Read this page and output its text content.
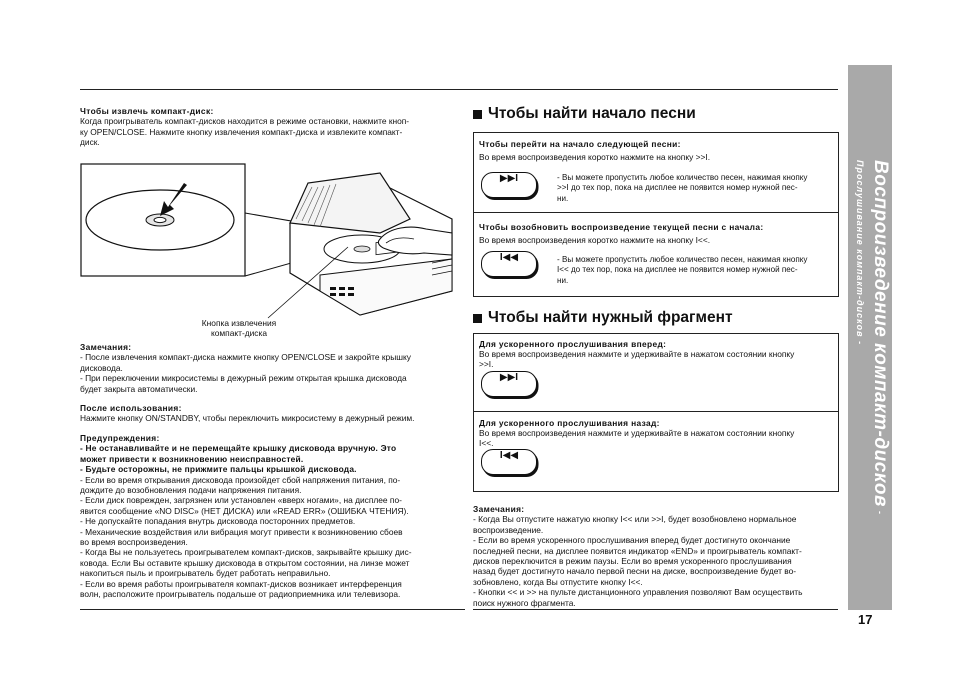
Чтобы извлечь компакт-диск:
Когда проигрыватель компакт-дисков находится в режиме остановки, нажмите кноп-
ку OPEN/CLOSE. Нажмите кнопку извлечения компакт-диска и извлеките компакт-
диск.
Кнопка извлечения
компакт-диска
Замечания:
- После извлечения компакт-диска нажмите кнопку OPEN/CLOSE и закройте крышку
дисковода.
- При переключении микросистемы в дежурный режим открытая крышка дисковода
будет закрыта автоматически.
После использования:
Нажмите кнопку ON/STANDBY, чтобы переключить микросистему в дежурный режим.
Предупреждения:
- Не останавливайте и не перемещайте крышку дисковода вручную. Это
может привести к возникновению неисправностей.
- Будьте осторожны, не прижмите пальцы крышкой дисковода.
- Если во время открывания дисковода произойдет сбой напряжения питания, по-
дождите до возобновления подачи напряжения питания.
- Если диск поврежден, загрязнен или установлен «вверх ногами», на дисплее по-
явится сообщение «NO DISC» (НЕТ ДИСКА) или «READ ERR» (ОШИБКА ЧТЕНИЯ).
- Не допускайте попадания внутрь дисковода посторонних предметов.
- Механические воздействия или вибрация могут привести к возникновению сбоев
во время воспроизведения.
- Когда Вы не пользуетесь проигрывателем компакт-дисков, закрывайте крышку дис-
ковода. Если Вы оставите крышку дисковода в открытом состоянии, на линзе может
накопиться пыль и проигрыватель будет работать неправильно.
- Если во время работы проигрывателя компакт-дисков возникает интерференция
волн, расположите проигрыватель подальше от радиоприемника или телевизора.
Чтобы найти начало песни
Чтобы перейти на начало следующей песни:
Во время воспроизведения коротко нажмите на кнопку >>I.
▶▶I	- Вы можете пропустить любое количество песен, нажимая кнопку
>>I до тех пор, пока на дисплее не появится номер нужной пес-
ни.
Чтобы возобновить воспроизведение текущей песни с начала:
Во время воспроизведения коротко нажмите на кнопку I<<.
I◀◀	- Вы можете пропустить любое количество песен, нажимая кнопку
I<< до тех пор, пока на дисплее не появится номер нужной пес-
ни.
Чтобы найти нужный фрагмент
Для ускоренного прослушивания вперед:
Во время воспроизведения нажмите и удерживайте в нажатом состоянии кнопку
>>I.
▶▶I
Для ускоренного прослушивания назад:
Во время воспроизведения нажмите и удерживайте в нажатом состоянии кнопку
I<<.
I◀◀
Замечания:
- Когда Вы отпустите нажатую кнопку I<< или >>I, будет возобновлено нормальное
воспроизведение.
- Если во время ускоренного прослушивания вперед будет достигнуто окончание
последней песни, на дисплее появится индикатор «END» и проигрыватель компакт-
дисков переключится в режим паузы. Если во время ускоренного прослушивания
назад будет достигнуто начало первой песни на диске, воспроизведение будет во-
зобновлено, когда Вы отпустите кнопку I<<.
- Кнопки << и >> на пульте дистанционного управления позволяют Вам осуществить
поиск нужного фрагмента.
Воспроизведение компакт-дисков - Прослушивание компакт-дисков -
17
